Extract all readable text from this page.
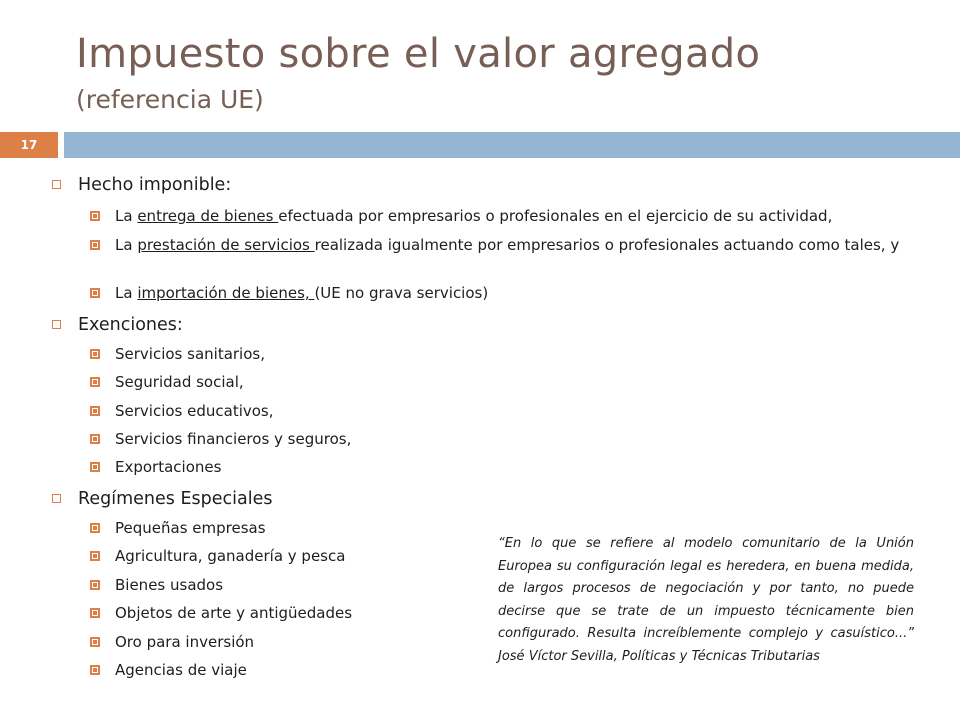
Impuesto sobre el valor agregado
(referencia UE)
17

Hecho imponible:

La entrega de bienes efectuada por empresarios o profesionales en el ejercicio de su actividad,

La prestación de servicios realizada igualmente por empresarios o profesionales actuando como tales, y

La importación de bienes, (UE no grava servicios)

Exenciones:

Servicios sanitarios,

Seguridad social,

Servicios educativos,

Servicios financieros y seguros,

Exportaciones

Regímenes Especiales

Pequeñas empresas

Agricultura, ganadería y pesca

Bienes usados

Objetos de arte y antigüedades

Oro para inversión

Agencias de viaje

“En lo que se refiere al modelo comunitario de la Unión Europea su configuración legal es heredera, en buena medida, de largos procesos de negociación y por tanto, no puede decirse que se trate de un impuesto técnicamente bien configurado. Resulta increíblemente complejo y casuístico...” José Víctor Sevilla, Políticas y Técnicas Tributarias
